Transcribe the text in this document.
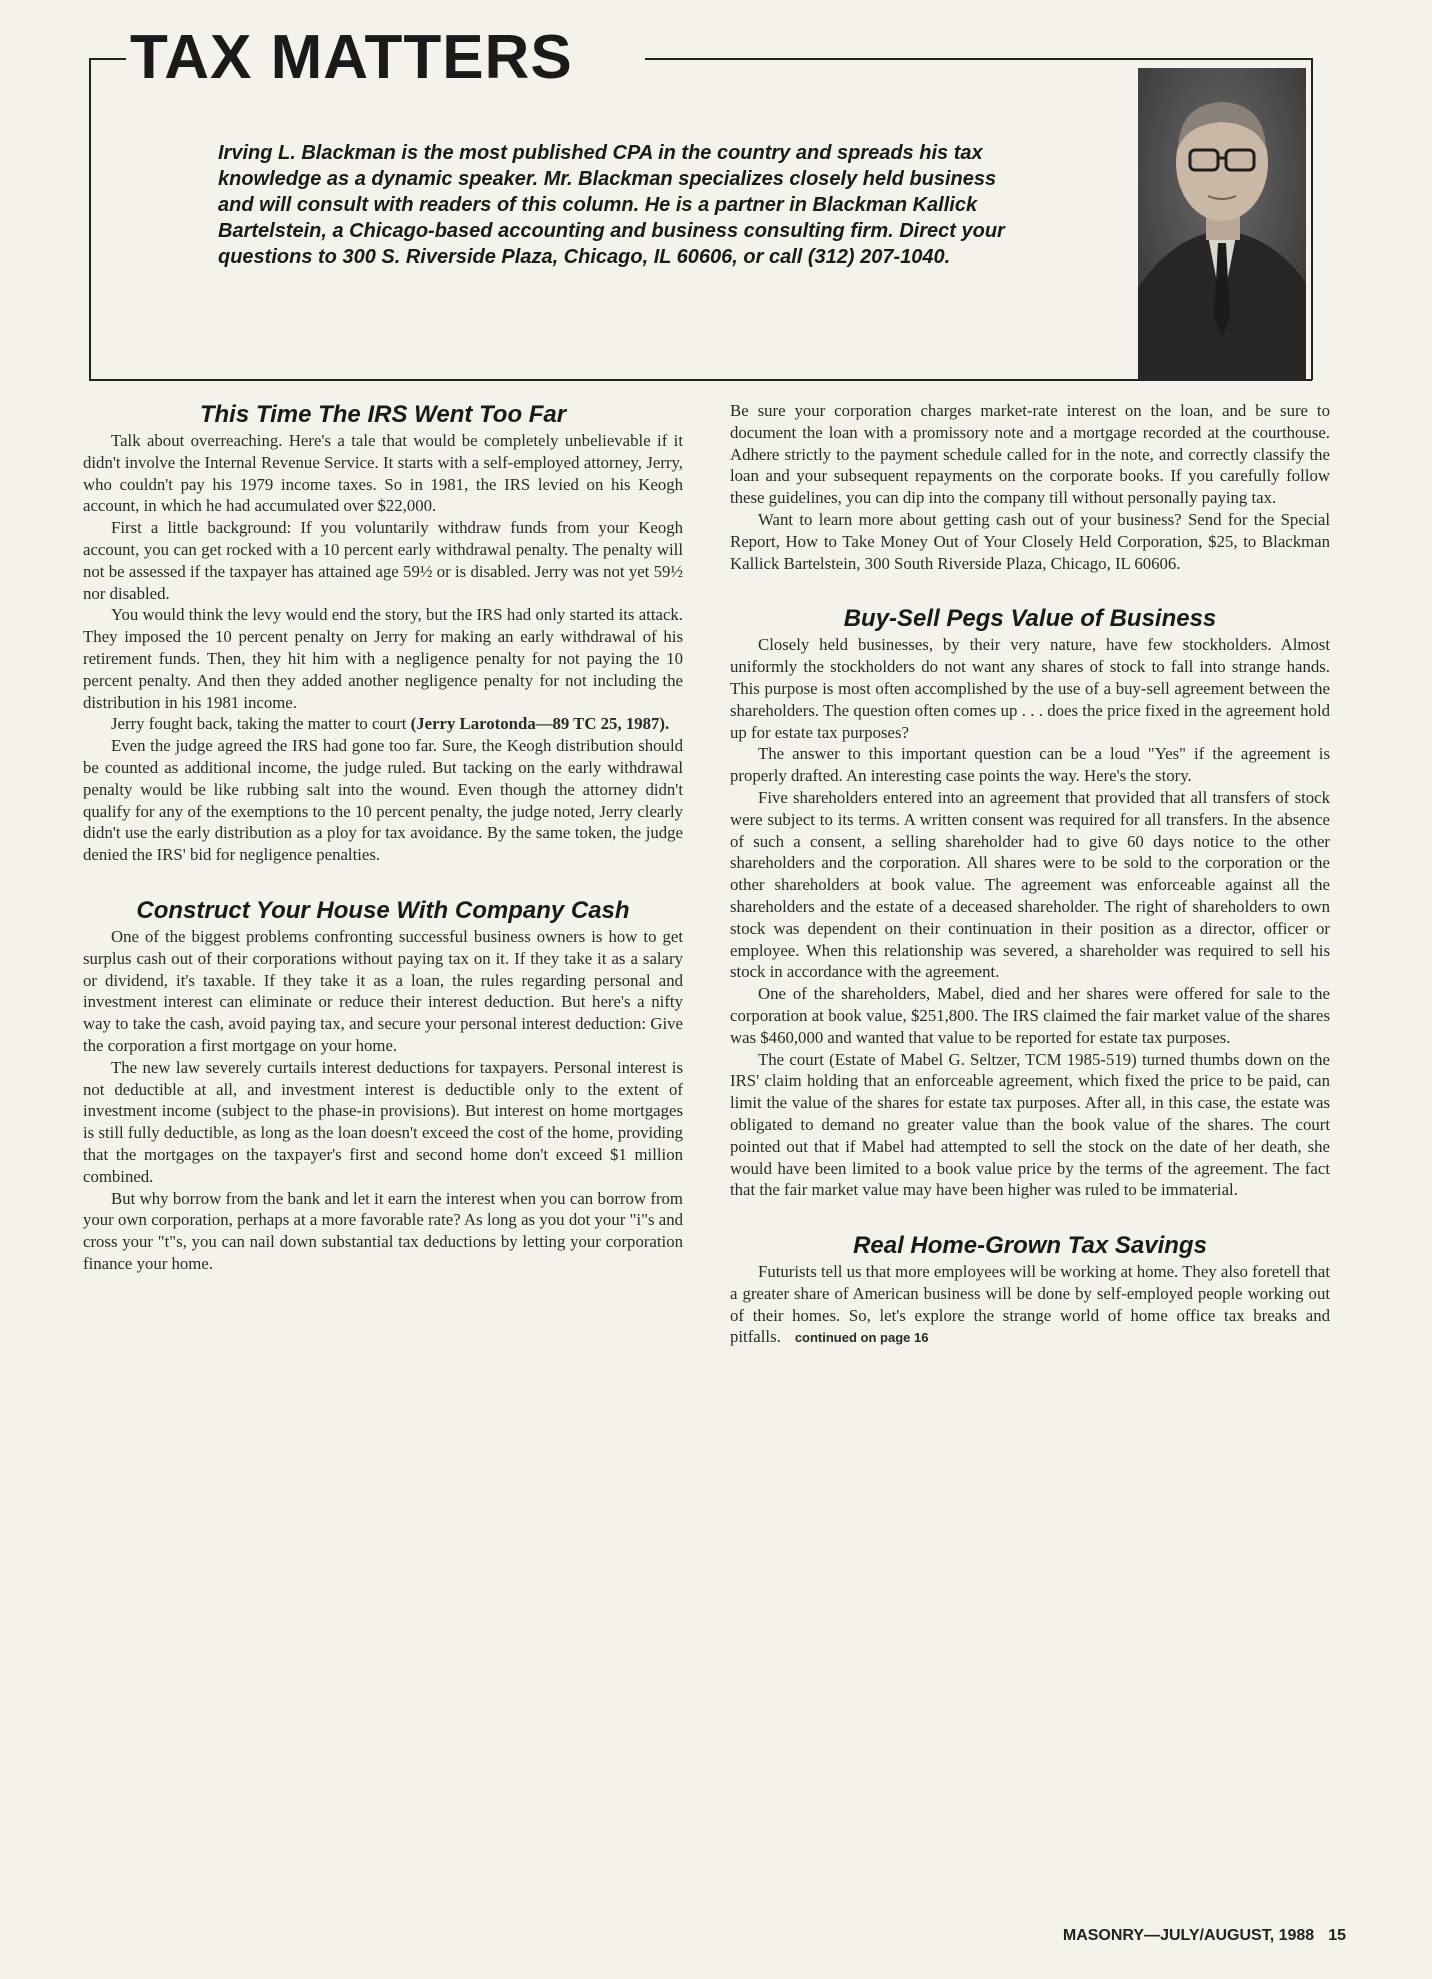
TAX MATTERS
Irving L. Blackman is the most published CPA in the country and spreads his tax knowledge as a dynamic speaker. Mr. Blackman specializes closely held business and will consult with readers of this column. He is a partner in Blackman Kallick Bartelstein, a Chicago-based accounting and business consulting firm. Direct your questions to 300 S. Riverside Plaza, Chicago, IL 60606, or call (312) 207-1040.
This Time The IRS Went Too Far

Talk about overreaching. Here's a tale that would be completely unbelievable if it didn't involve the Internal Revenue Service. It starts with a self-employed attorney, Jerry, who couldn't pay his 1979 income taxes. So in 1981, the IRS levied on his Keogh account, in which he had accumulated over $22,000.

First a little background: If you voluntarily withdraw funds from your Keogh account, you can get rocked with a 10 percent early withdrawal penalty. The penalty will not be assessed if the taxpayer has attained age 59½ or is disabled. Jerry was not yet 59½ nor disabled.

You would think the levy would end the story, but the IRS had only started its attack. They imposed the 10 percent penalty on Jerry for making an early withdrawal of his retirement funds. Then, they hit him with a negligence penalty for not paying the 10 percent penalty. And then they added another negligence penalty for not including the distribution in his 1981 income.

Jerry fought back, taking the matter to court (Jerry Larotonda—89 TC 25, 1987).

Even the judge agreed the IRS had gone too far. Sure, the Keogh distribution should be counted as additional income, the judge ruled. But tacking on the early withdrawal penalty would be like rubbing salt into the wound. Even though the attorney didn't qualify for any of the exemptions to the 10 percent penalty, the judge noted, Jerry clearly didn't use the early distribution as a ploy for tax avoidance. By the same token, the judge denied the IRS' bid for negligence penalties.

Construct Your House With Company Cash

One of the biggest problems confronting successful business owners is how to get surplus cash out of their corporations without paying tax on it. If they take it as a salary or dividend, it's taxable. If they take it as a loan, the rules regarding personal and investment interest can eliminate or reduce their interest deduction. But here's a nifty way to take the cash, avoid paying tax, and secure your personal interest deduction: Give the corporation a first mortgage on your home.

The new law severely curtails interest deductions for taxpayers. Personal interest is not deductible at all, and investment interest is deductible only to the extent of investment income (subject to the phase-in provisions). But interest on home mortgages is still fully deductible, as long as the loan doesn't exceed the cost of the home, providing that the mortgages on the taxpayer's first and second home don't exceed $1 million combined.

But why borrow from the bank and let it earn the interest when you can borrow from your own corporation, perhaps at a more favorable rate? As long as you dot your "i"s and cross your "t"s, you can nail down substantial tax deductions by letting your corporation finance your home.

Be sure your corporation charges market-rate interest on the loan, and be sure to document the loan with a promissory note and a mortgage recorded at the courthouse. Adhere strictly to the payment schedule called for in the note, and correctly classify the loan and your subsequent repayments on the corporate books. If you carefully follow these guidelines, you can dip into the company till without personally paying tax.

Want to learn more about getting cash out of your business? Send for the Special Report, How to Take Money Out of Your Closely Held Corporation, $25, to Blackman Kallick Bartelstein, 300 South Riverside Plaza, Chicago, IL 60606.

Buy-Sell Pegs Value of Business

Closely held businesses, by their very nature, have few stockholders. Almost uniformly the stockholders do not want any shares of stock to fall into strange hands. This purpose is most often accomplished by the use of a buy-sell agreement between the shareholders. The question often comes up . . . does the price fixed in the agreement hold up for estate tax purposes?

The answer to this important question can be a loud "Yes" if the agreement is properly drafted. An interesting case points the way. Here's the story.

Five shareholders entered into an agreement that provided that all transfers of stock were subject to its terms. A written consent was required for all transfers. In the absence of such a consent, a selling shareholder had to give 60 days notice to the other shareholders and the corporation. All shares were to be sold to the corporation or the other shareholders at book value. The agreement was enforceable against all the shareholders and the estate of a deceased shareholder. The right of shareholders to own stock was dependent on their continuation in their position as a director, officer or employee. When this relationship was severed, a shareholder was required to sell his stock in accordance with the agreement.

One of the shareholders, Mabel, died and her shares were offered for sale to the corporation at book value, $251,800. The IRS claimed the fair market value of the shares was $460,000 and wanted that value to be reported for estate tax purposes.

The court (Estate of Mabel G. Seltzer, TCM 1985-519) turned thumbs down on the IRS' claim holding that an enforceable agreement, which fixed the price to be paid, can limit the value of the shares for estate tax purposes. After all, in this case, the estate was obligated to demand no greater value than the book value of the shares. The court pointed out that if Mabel had attempted to sell the stock on the date of her death, she would have been limited to a book value price by the terms of the agreement. The fact that the fair market value may have been higher was ruled to be immaterial.

Real Home-Grown Tax Savings

Futurists tell us that more employees will be working at home. They also foretell that a greater share of American business will be done by self-employed people working out of their homes. So, let's explore the strange world of home office tax breaks and pitfalls. continued on page 16

MASONRY—JULY/AUGUST, 1988 15
